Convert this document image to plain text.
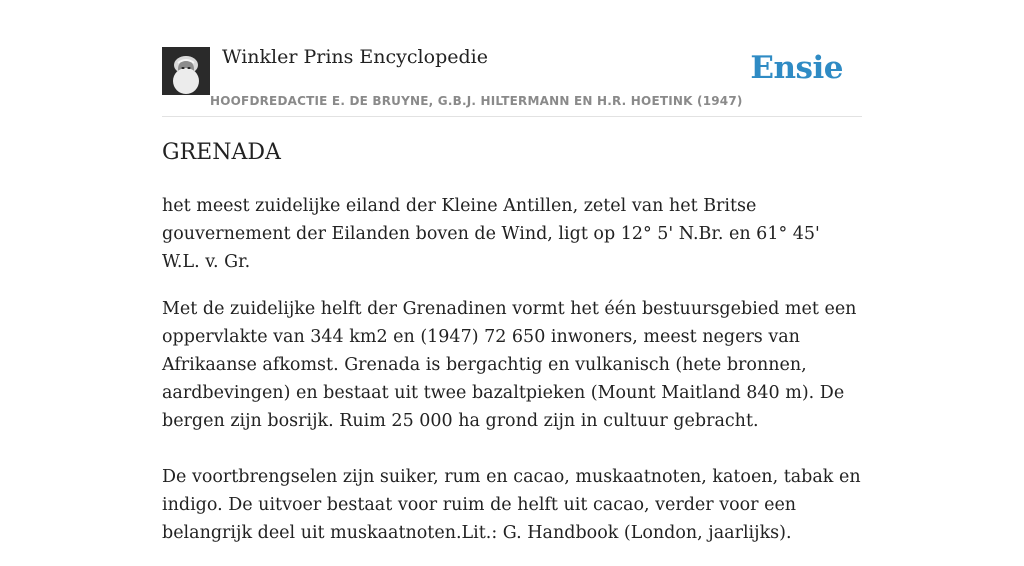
Winkler Prins Encyclopedie
HOOFDREDACTIE E. DE BRUYNE, G.B.J. HILTERMANN EN H.R. HOETINK (1947)
Ensie
GRENADA

het meest zuidelijke eiland der Kleine Antillen, zetel van het Britse gouvernement der Eilanden boven de Wind, ligt op 12° 5' N.Br. en 61° 45' W.L. v. Gr.

Met de zuidelijke helft der Grenadinen vormt het één bestuursgebied met een oppervlakte van 344 km2 en (1947) 72 650 inwoners, meest negers van Afrikaanse afkomst. Grenada is bergachtig en vulkanisch (hete bronnen, aardbevingen) en bestaat uit twee bazaltpieken (Mount Maitland 840 m). De bergen zijn bosrijk. Ruim 25 000 ha grond zijn in cultuur gebracht.

De voortbrengselen zijn suiker, rum en cacao, muskaatnoten, katoen, tabak en indigo. De uitvoer bestaat voor ruim de helft uit cacao, verder voor een belangrijk deel uit muskaatnoten.Lit.: G. Handbook (London, jaarlijks).
